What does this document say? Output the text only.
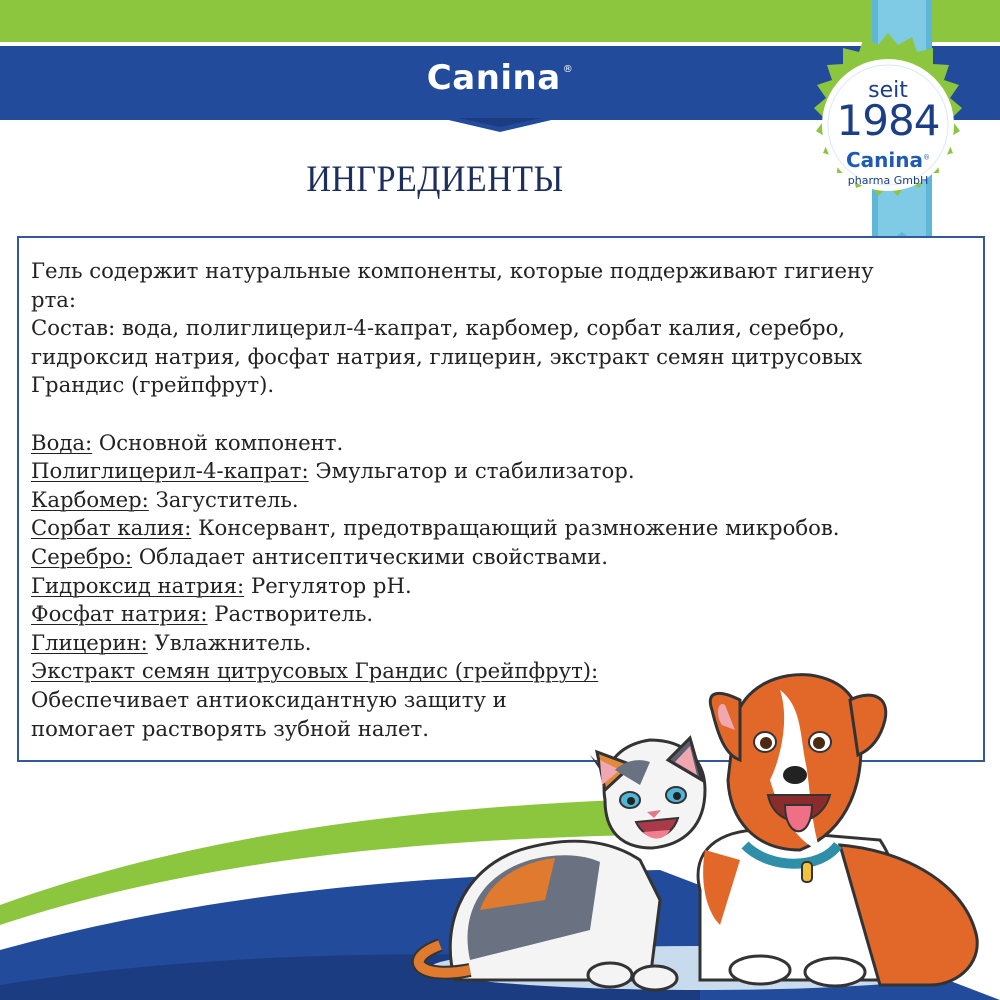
Canina ®
seit
1984
Canina®
pharma GmbH
ИНГРЕДИЕНТЫ

Гель содержит натуральные компоненты, которые поддерживают гигиену

рта:

Состав: вода, полиглицерил-4-капрат, карбомер, сорбат калия, серебро,

гидроксид натрия, фосфат натрия, глицерин, экстракт семян цитрусовых

Грандис (грейпфрут).

Вода: Основной компонент.

Полиглицерил-4-капрат: Эмульгатор и стабилизатор.

Карбомер: Загуститель.

Сорбат калия: Консервант, предотвращающий размножение микробов.

Серебро: Обладает антисептическими свойствами.

Гидроксид натрия: Регулятор pH.

Фосфат натрия: Растворитель.

Глицерин: Увлажнитель.

Экстракт семян цитрусовых Грандис (грейпфрут):

Обеспечивает антиоксидантную защиту и

помогает растворять зубной налет.
